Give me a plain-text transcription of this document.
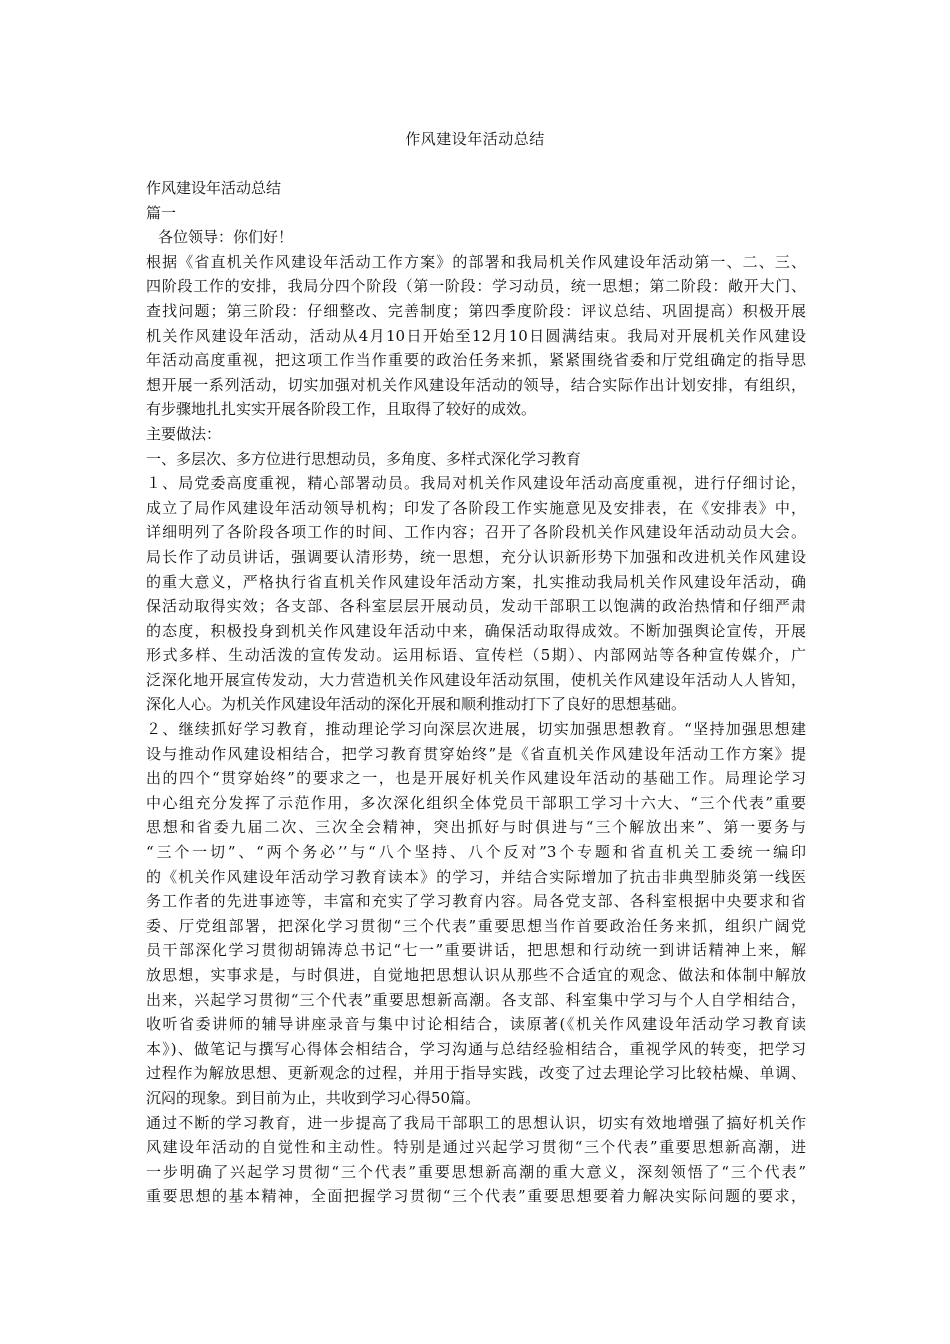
作风建设年活动总结
作风建设年活动总结
篇一
各位领导：你们好！
根据《省直机关作风建设年活动工作方案》的部署和我局机关作风建设年活动第一、二、三、
四阶段工作的安排，我局分四个阶段（第一阶段：学习动员，统一思想；第二阶段：敞开大门、
查找问题；第三阶段：仔细整改、完善制度；第四季度阶段：评议总结、巩固提高）积极开展
机关作风建设年活动，活动从4月10日开始至12月10日圆满结束。我局对开展机关作风建设
年活动高度重视，把这项工作当作重要的政治任务来抓，紧紧围绕省委和厅党组确定的指导思
想开展一系列活动，切实加强对机关作风建设年活动的领导，结合实际作出计划安排，有组织，
有步骤地扎扎实实开展各阶段工作，且取得了较好的成效。
主要做法：
一、多层次、多方位进行思想动员，多角度、多样式深化学习教育
１、局党委高度重视，精心部署动员。我局对机关作风建设年活动高度重视，进行仔细讨论，
成立了局作风建设年活动领导机构；印发了各阶段工作实施意见及安排表，在《安排表》中，
详细明列了各阶段各项工作的时间、工作内容；召开了各阶段机关作风建设年活动动员大会。
局长作了动员讲话，强调要认清形势，统一思想，充分认识新形势下加强和改进机关作风建设
的重大意义，严格执行省直机关作风建设年活动方案，扎实推动我局机关作风建设年活动，确
保活动取得实效；各支部、各科室层层开展动员，发动干部职工以饱满的政治热情和仔细严肃
的态度，积极投身到机关作风建设年活动中来，确保活动取得成效。不断加强舆论宣传，开展
形式多样、生动活泼的宣传发动。运用标语、宣传栏（5期）、内部网站等各种宣传媒介，广
泛深化地开展宣传发动，大力营造机关作风建设年活动氛围，使机关作风建设年活动人人皆知，
深化人心。为机关作风建设年活动的深化开展和顺利推动打下了良好的思想基础。
２、继续抓好学习教育，推动理论学习向深层次进展，切实加强思想教育。“坚持加强思想建
设与推动作风建设相结合，把学习教育贯穿始终”是《省直机关作风建设年活动工作方案》提
出的四个“贯穿始终”的要求之一，也是开展好机关作风建设年活动的基础工作。局理论学习
中心组充分发挥了示范作用，多次深化组织全体党员干部职工学习十六大、“三个代表”重要
思想和省委九届二次、三次全会精神，突出抓好与时俱进与“三个解放出来”、第一要务与
“三个一切”、“两个务必’’与“八个坚持、八个反对”3个专题和省直机关工委统一编印
的《机关作风建设年活动学习教育读本》的学习，并结合实际增加了抗击非典型肺炎第一线医
务工作者的先进事迹等，丰富和充实了学习教育内容。局各党支部、各科室根据中央要求和省
委、厅党组部署，把深化学习贯彻“三个代表”重要思想当作首要政治任务来抓，组织广阔党
员干部深化学习贯彻胡锦涛总书记“七一”重要讲话，把思想和行动统一到讲话精神上来，解
放思想，实事求是，与时俱进，自觉地把思想认识从那些不合适宜的观念、做法和体制中解放
出来，兴起学习贯彻“三个代表”重要思想新高潮。各支部、科室集中学习与个人自学相结合，
收听省委讲师的辅导讲座录音与集中讨论相结合，读原著(《机关作风建设年活动学习教育读
本》)、做笔记与撰写心得体会相结合，学习沟通与总结经验相结合，重视学风的转变，把学习
过程作为解放思想、更新观念的过程，并用于指导实践，改变了过去理论学习比较枯燥、单调、
沉闷的现象。到目前为止，共收到学习心得50篇。
通过不断的学习教育，进一步提高了我局干部职工的思想认识，切实有效地增强了搞好机关作
风建设年活动的自觉性和主动性。特别是通过兴起学习贯彻“三个代表”重要思想新高潮，进
一步明确了兴起学习贯彻“三个代表”重要思想新高潮的重大意义，深刻领悟了“三个代表”
重要思想的基本精神，全面把握学习贯彻“三个代表”重要思想要着力解决实际问题的要求，
